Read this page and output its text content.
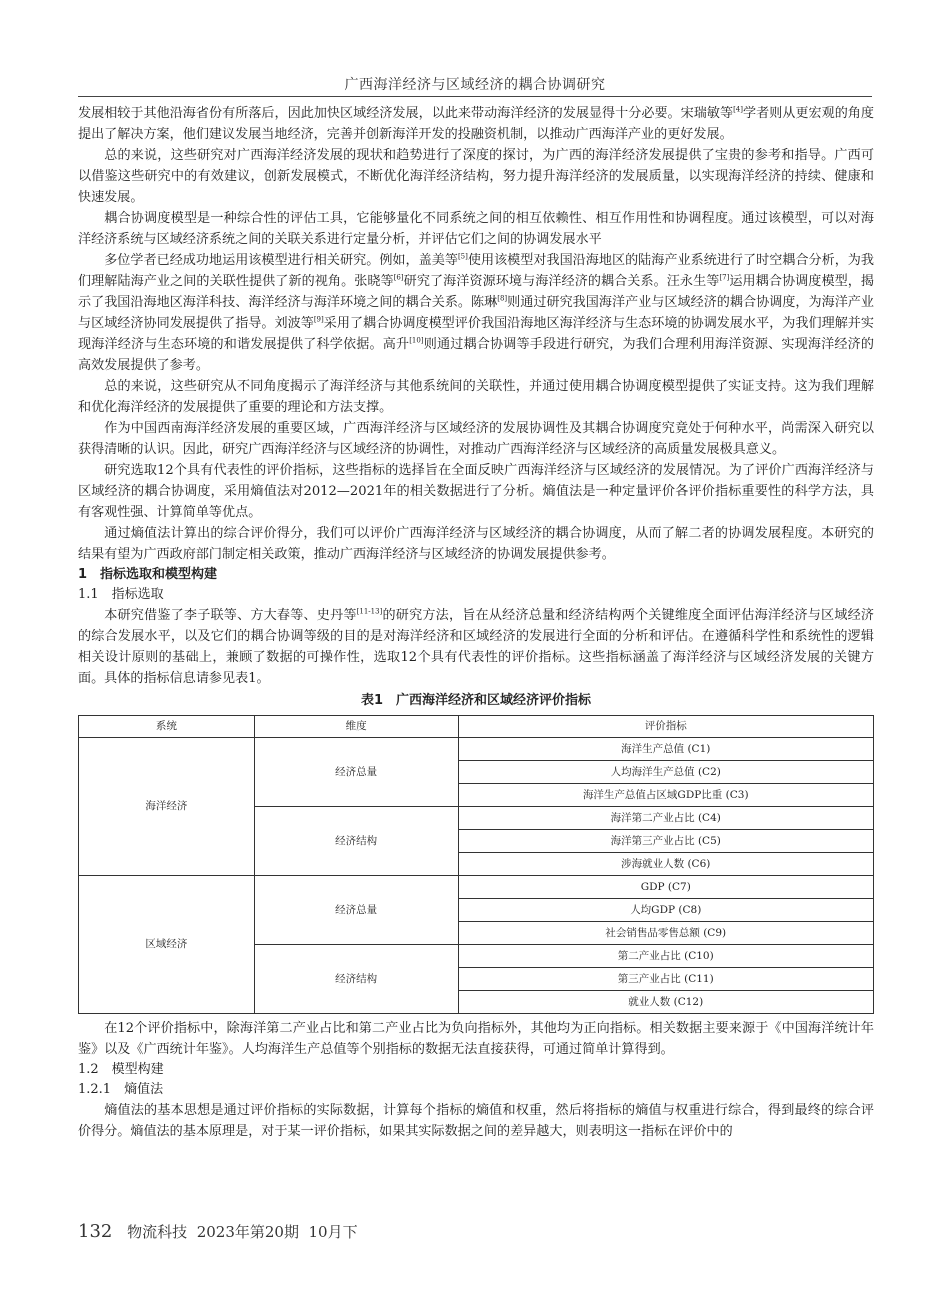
广西海洋经济与区域经济的耦合协调研究

发展相较于其他沿海省份有所落后，因此加快区域经济发展，以此来带动海洋经济的发展显得十分必要。宋瑞敏等[4]学者则从更宏观的角度提出了解决方案，他们建议发展当地经济，完善并创新海洋开发的投融资机制，以推动广西海洋产业的更好发展。

总的来说，这些研究对广西海洋经济发展的现状和趋势进行了深度的探讨，为广西的海洋经济发展提供了宝贵的参考和指导。广西可以借鉴这些研究中的有效建议，创新发展模式，不断优化海洋经济结构，努力提升海洋经济的发展质量，以实现海洋经济的持续、健康和快速发展。

耦合协调度模型是一种综合性的评估工具，它能够量化不同系统之间的相互依赖性、相互作用性和协调程度。通过该模型，可以对海洋经济系统与区域经济系统之间的关联关系进行定量分析，并评估它们之间的协调发展水平

多位学者已经成功地运用该模型进行相关研究。例如，盖美等[5]使用该模型对我国沿海地区的陆海产业系统进行了时空耦合分析，为我们理解陆海产业之间的关联性提供了新的视角。张晓等[6]研究了海洋资源环境与海洋经济的耦合关系。汪永生等[7]运用耦合协调度模型，揭示了我国沿海地区海洋科技、海洋经济与海洋环境之间的耦合关系。陈琳[8]则通过研究我国海洋产业与区域经济的耦合协调度，为海洋产业与区域经济协同发展提供了指导。刘波等[9]采用了耦合协调度模型评价我国沿海地区海洋经济与生态环境的协调发展水平，为我们理解并实现海洋经济与生态环境的和谐发展提供了科学依据。高升[10]则通过耦合协调等手段进行研究，为我们合理利用海洋资源、实现海洋经济的高效发展提供了参考。

总的来说，这些研究从不同角度揭示了海洋经济与其他系统间的关联性，并通过使用耦合协调度模型提供了实证支持。这为我们理解和优化海洋经济的发展提供了重要的理论和方法支撑。

作为中国西南海洋经济发展的重要区域，广西海洋经济与区域经济的发展协调性及其耦合协调度究竟处于何种水平，尚需深入研究以获得清晰的认识。因此，研究广西海洋经济与区域经济的协调性，对推动广西海洋经济与区域经济的高质量发展极具意义。

研究选取12个具有代表性的评价指标，这些指标的选择旨在全面反映广西海洋经济与区域经济的发展情况。为了评价广西海洋经济与区域经济的耦合协调度，采用熵值法对2012—2021年的相关数据进行了分析。熵值法是一种定量评价各评价指标重要性的科学方法，具有客观性强、计算简单等优点。

通过熵值法计算出的综合评价得分，我们可以评价广西海洋经济与区域经济的耦合协调度，从而了解二者的协调发展程度。本研究的结果有望为广西政府部门制定相关政策，推动广西海洋经济与区域经济的协调发展提供参考。

1　指标选取和模型构建
1.1　指标选取

本研究借鉴了李子联等、方大春等、史丹等[11-13]的研究方法，旨在从经济总量和经济结构两个关键维度全面评估海洋经济与区域经济的综合发展水平，以及它们的耦合协调等级的目的是对海洋经济和区域经济的发展进行全面的分析和评估。在遵循科学性和系统性的逻辑相关设计原则的基础上，兼顾了数据的可操作性，选取12个具有代表性的评价指标。这些指标涵盖了海洋经济与区域经济发展的关键方面。具体的指标信息请参见表1。

表1　广西海洋经济和区域经济评价指标
系统	维度	评价指标
海洋经济	经济总量	海洋生产总值 (C1)
		人均海洋生产总值 (C2)
		海洋生产总值占区域GDP比重 (C3)
	经济结构	海洋第二产业占比 (C4)
		海洋第三产业占比 (C5)
		涉海就业人数 (C6)
区域经济	经济总量	GDP (C7)
		人均GDP (C8)
		社会销售品零售总额 (C9)
	经济结构	第二产业占比 (C10)
		第三产业占比 (C11)
		就业人数 (C12)

在12个评价指标中，除海洋第二产业占比和第二产业占比为负向指标外，其他均为正向指标。相关数据主要来源于《中国海洋统计年鉴》以及《广西统计年鉴》。人均海洋生产总值等个别指标的数据无法直接获得，可通过简单计算得到。

1.2　模型构建
1.2.1　熵值法

熵值法的基本思想是通过评价指标的实际数据，计算每个指标的熵值和权重，然后将指标的熵值与权重进行综合，得到最终的综合评价得分。熵值法的基本原理是，对于某一评价指标，如果其实际数据之间的差异越大，则表明这一指标在评价中的

132 物流科技 2023年第20期 10月下
